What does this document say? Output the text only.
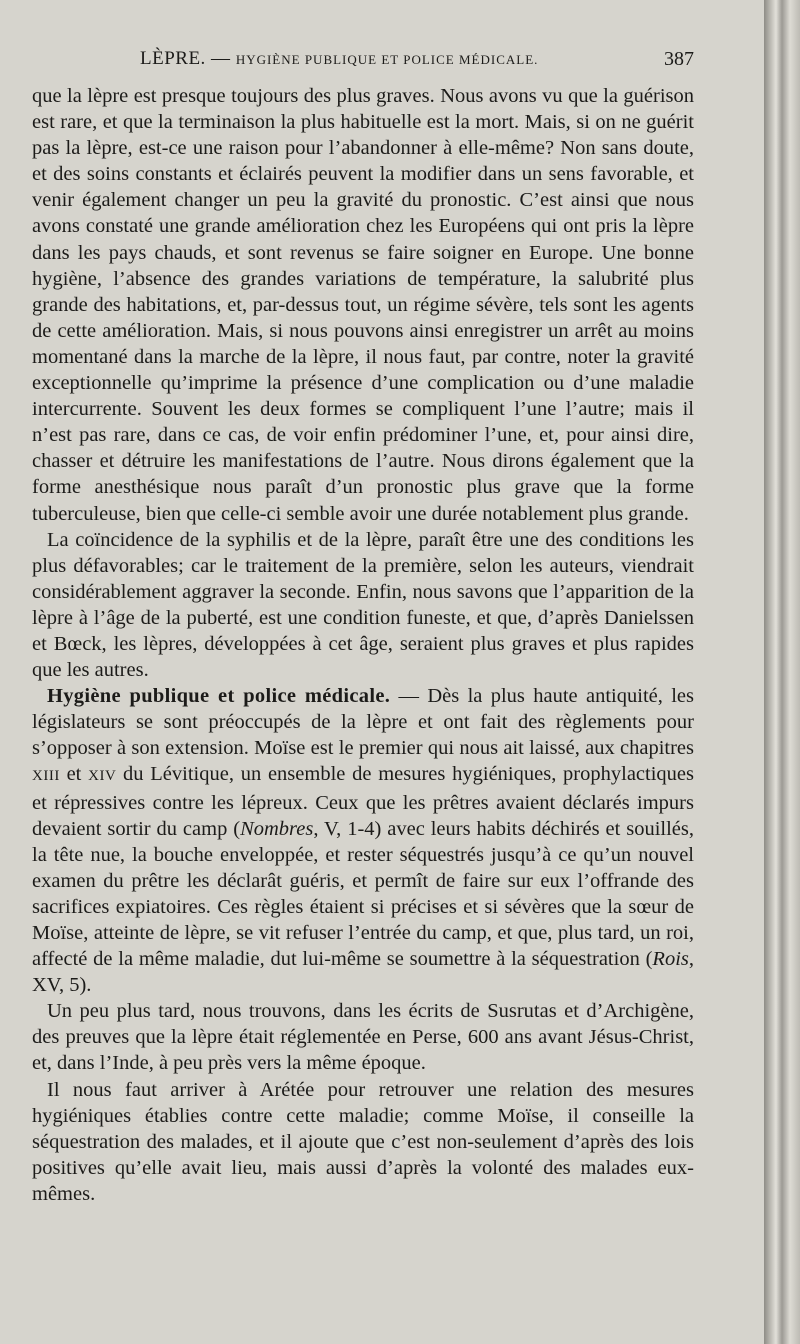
LÈPRE. — HYGIÈNE PUBLIQUE ET POLICE MÉDICALE.	387

que la lèpre est presque toujours des plus graves. Nous avons vu que la guérison est rare, et que la terminaison la plus habituelle est la mort. Mais, si on ne guérit pas la lèpre, est-ce une raison pour l’abandonner à elle-même? Non sans doute, et des soins constants et éclairés peuvent la modifier dans un sens favorable, et venir également changer un peu la gravité du pronostic. C’est ainsi que nous avons constaté une grande amélioration chez les Européens qui ont pris la lèpre dans les pays chauds, et sont revenus se faire soigner en Europe. Une bonne hygiène, l’absence des grandes variations de température, la salubrité plus grande des habitations, et, par-dessus tout, un régime sévère, tels sont les agents de cette amélioration. Mais, si nous pouvons ainsi enregistrer un arrêt au moins momentané dans la marche de la lèpre, il nous faut, par contre, noter la gravité exceptionnelle qu’imprime la présence d’une complication ou d’une maladie intercurrente. Souvent les deux formes se compliquent l’une l’autre; mais il n’est pas rare, dans ce cas, de voir enfin prédominer l’une, et, pour ainsi dire, chasser et détruire les manifestations de l’autre. Nous dirons également que la forme anesthésique nous paraît d’un pronostic plus grave que la forme tuberculeuse, bien que celle-ci semble avoir une durée notablement plus grande.

La coïncidence de la syphilis et de la lèpre, paraît être une des conditions les plus défavorables; car le traitement de la première, selon les auteurs, viendrait considérablement aggraver la seconde. Enfin, nous savons que l’apparition de la lèpre à l’âge de la puberté, est une condition funeste, et que, d’après Danielssen et Bœck, les lèpres, développées à cet âge, seraient plus graves et plus rapides que les autres.

Hygiène publique et police médicale. — Dès la plus haute antiquité, les législateurs se sont préoccupés de la lèpre et ont fait des règlements pour s’opposer à son extension. Moïse est le premier qui nous ait laissé, aux chapitres XIII et XIV du Lévitique, un ensemble de mesures hygiéniques, prophylactiques et répressives contre les lépreux. Ceux que les prêtres avaient déclarés impurs devaient sortir du camp (Nombres, V, 1-4) avec leurs habits déchirés et souillés, la tête nue, la bouche enveloppée, et rester séquestrés jusqu’à ce qu’un nouvel examen du prêtre les déclarât guéris, et permît de faire sur eux l’offrande des sacrifices expiatoires. Ces règles étaient si précises et si sévères que la sœur de Moïse, atteinte de lèpre, se vit refuser l’entrée du camp, et que, plus tard, un roi, affecté de la même maladie, dut lui-même se soumettre à la séquestration (Rois, XV, 5).

Un peu plus tard, nous trouvons, dans les écrits de Susrutas et d’Archigène, des preuves que la lèpre était réglementée en Perse, 600 ans avant Jésus-Christ, et, dans l’Inde, à peu près vers la même époque.

Il nous faut arriver à Arétée pour retrouver une relation des mesures hygiéniques établies contre cette maladie; comme Moïse, il conseille la séquestration des malades, et il ajoute que c’est non-seulement d’après des lois positives qu’elle avait lieu, mais aussi d’après la volonté des malades eux-mêmes.
